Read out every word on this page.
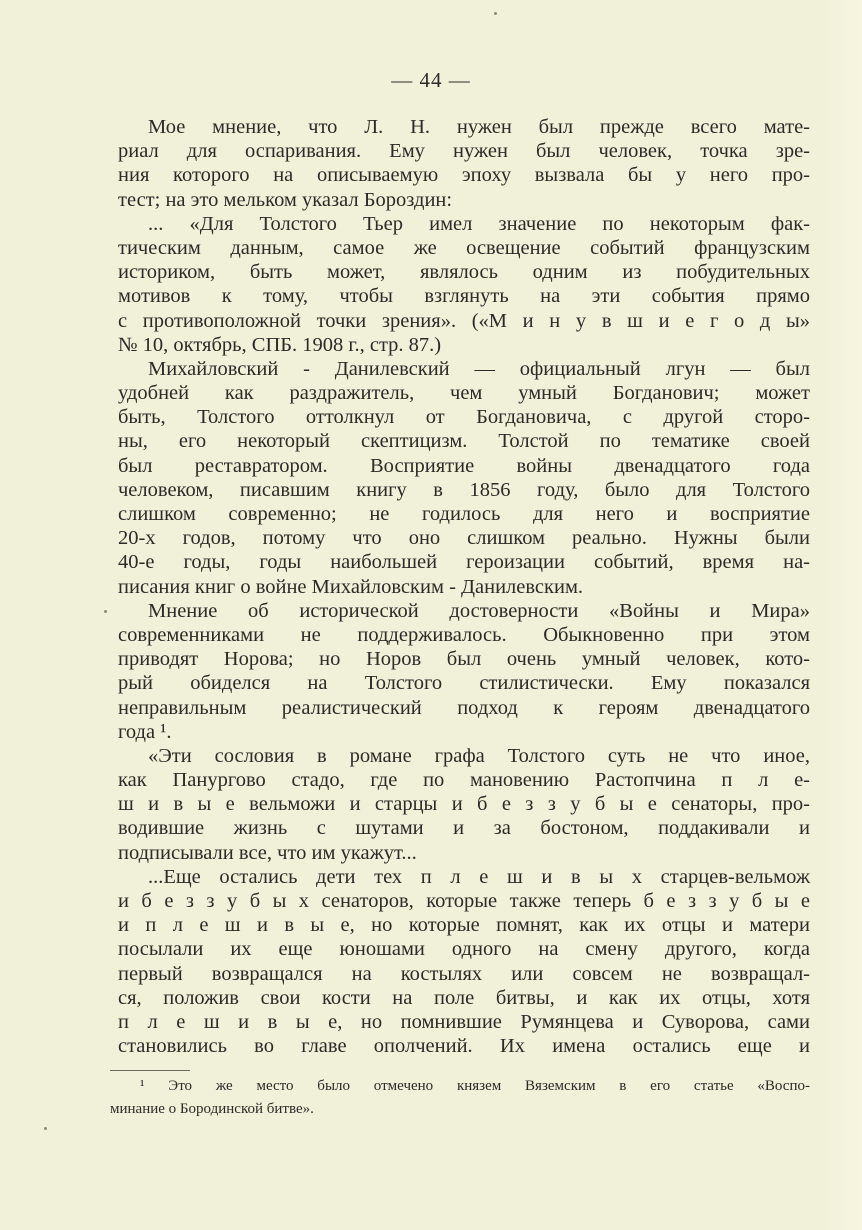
— 44 —
Мое мнение, что Л. Н. нужен был прежде всего мате-
риал для оспаривания. Ему нужен был человек, точка зре-
ния которого на описываемую эпоху вызвала бы у него про-
тест; на это мельком указал Бороздин:
... «Для Толстого Тьер имел значение по некоторым фак-
тическим данным, самое же освещение событий французским
историком, быть может, являлось одним из побудительных
мотивов к тому, чтобы взглянуть на эти события прямо
с противоположной точки зрения». («М и н у в ш и е г о д ы»
№ 10, октябрь, СПБ. 1908 г., стр. 87.)
Михайловский - Данилевский — официальный лгун — был
удобней как раздражитель, чем умный Богданович; может
быть, Толстого оттолкнул от Богдановича, с другой сторо-
ны, его некоторый скептицизм. Толстой по тематике своей
был реставратором. Восприятие войны двенадцатого года
человеком, писавшим книгу в 1856 году, было для Толстого
слишком современно; не годилось для него и восприятие
20-х годов, потому что оно слишком реально. Нужны были
40-е годы, годы наибольшей героизации событий, время на-
писания книг о войне Михайловским - Данилевским.
Мнение об исторической достоверности «Войны и Мира»
современниками не поддерживалось. Обыкновенно при этом
приводят Норова; но Норов был очень умный человек, кото-
рый обиделся на Толстого стилистически. Ему показался
неправильным реалистический подход к героям двенадцатого
года ¹.
«Эти сословия в романе графа Толстого суть не что иное,
как Панургово стадо, где по мановению Растопчина п л е-
ш и в ы е вельможи и старцы и б е з з у б ы е сенаторы, про-
водившие жизнь с шутами и за бостоном, поддакивали и
подписывали все, что им укажут...
...Еще остались дети тех п л е ш и в ы х старцев-вельмож
и б е з з у б ы х сенаторов, которые также теперь б е з з у б ы е
и п л е ш и в ы е, но которые помнят, как их отцы и матери
посылали их еще юношами одного на смену другого, когда
первый возвращался на костылях или совсем не возвращал-
ся, положив свои кости на поле битвы, и как их отцы, хотя
п л е ш и в ы е, но помнившие Румянцева и Суворова, сами
становились во главе ополчений. Их имена остались еще и
¹ Это же место было отмечено князем Вяземским в его статье «Воспо-
минание о Бородинской битве».
